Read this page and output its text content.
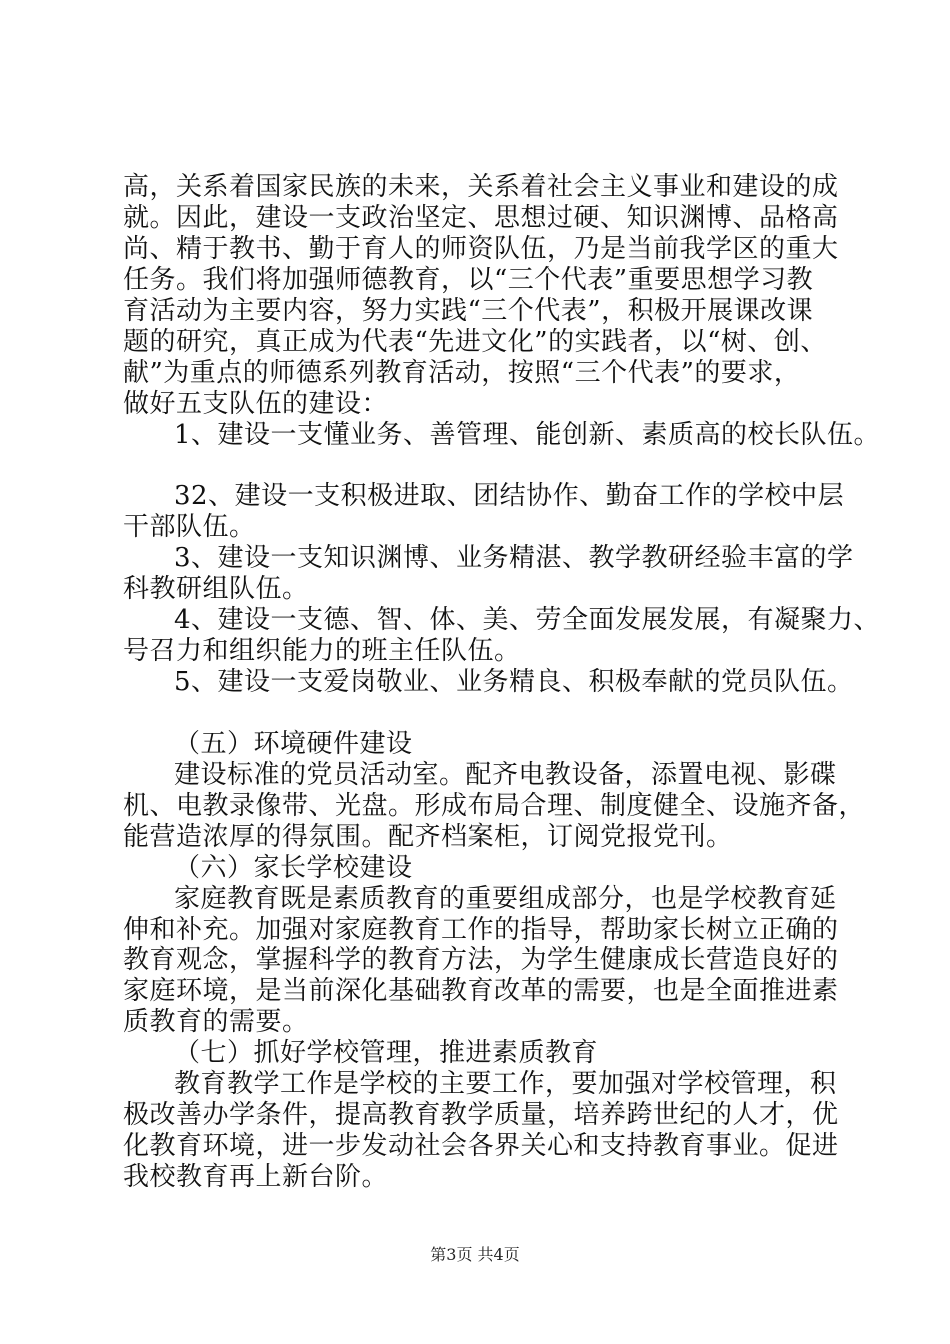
高，关系着国家民族的未来，关系着社会主义事业和建设的成
就。因此，建设一支政治坚定、思想过硬、知识渊博、品格高
尚、精于教书、勤于育人的师资队伍，乃是当前我学区的重大
任务。我们将加强师德教育，以“三个代表”重要思想学习教
育活动为主要内容，努力实践“三个代表”，积极开展课改课
题的研究，真正成为代表“先进文化”的实践者，以“树、创、
献”为重点的师德系列教育活动，按照“三个代表”的要求，
做好五支队伍的建设：
1、建设一支懂业务、善管理、能创新、素质高的校长队伍。
32、建设一支积极进取、团结协作、勤奋工作的学校中层
干部队伍。
3、建设一支知识渊博、业务精湛、教学教研经验丰富的学
科教研组队伍。
4、建设一支德、智、体、美、劳全面发展发展，有凝聚力、
号召力和组织能力的班主任队伍。
5、建设一支爱岗敬业、业务精良、积极奉献的党员队伍。
（五）环境硬件建设
建设标准的党员活动室。配齐电教设备，添置电视、影碟
机、电教录像带、光盘。形成布局合理、制度健全、设施齐备，
能营造浓厚的得氛围。配齐档案柜，订阅党报党刊。
（六）家长学校建设
家庭教育既是素质教育的重要组成部分，也是学校教育延
伸和补充。加强对家庭教育工作的指导，帮助家长树立正确的
教育观念，掌握科学的教育方法，为学生健康成长营造良好的
家庭环境，是当前深化基础教育改革的需要，也是全面推进素
质教育的需要。
（七）抓好学校管理，推进素质教育
教育教学工作是学校的主要工作，要加强对学校管理，积
极改善办学条件，提高教育教学质量，培养跨世纪的人才，优
化教育环境，进一步发动社会各界关心和支持教育事业。促进
我校教育再上新台阶。
第3页 共4页
